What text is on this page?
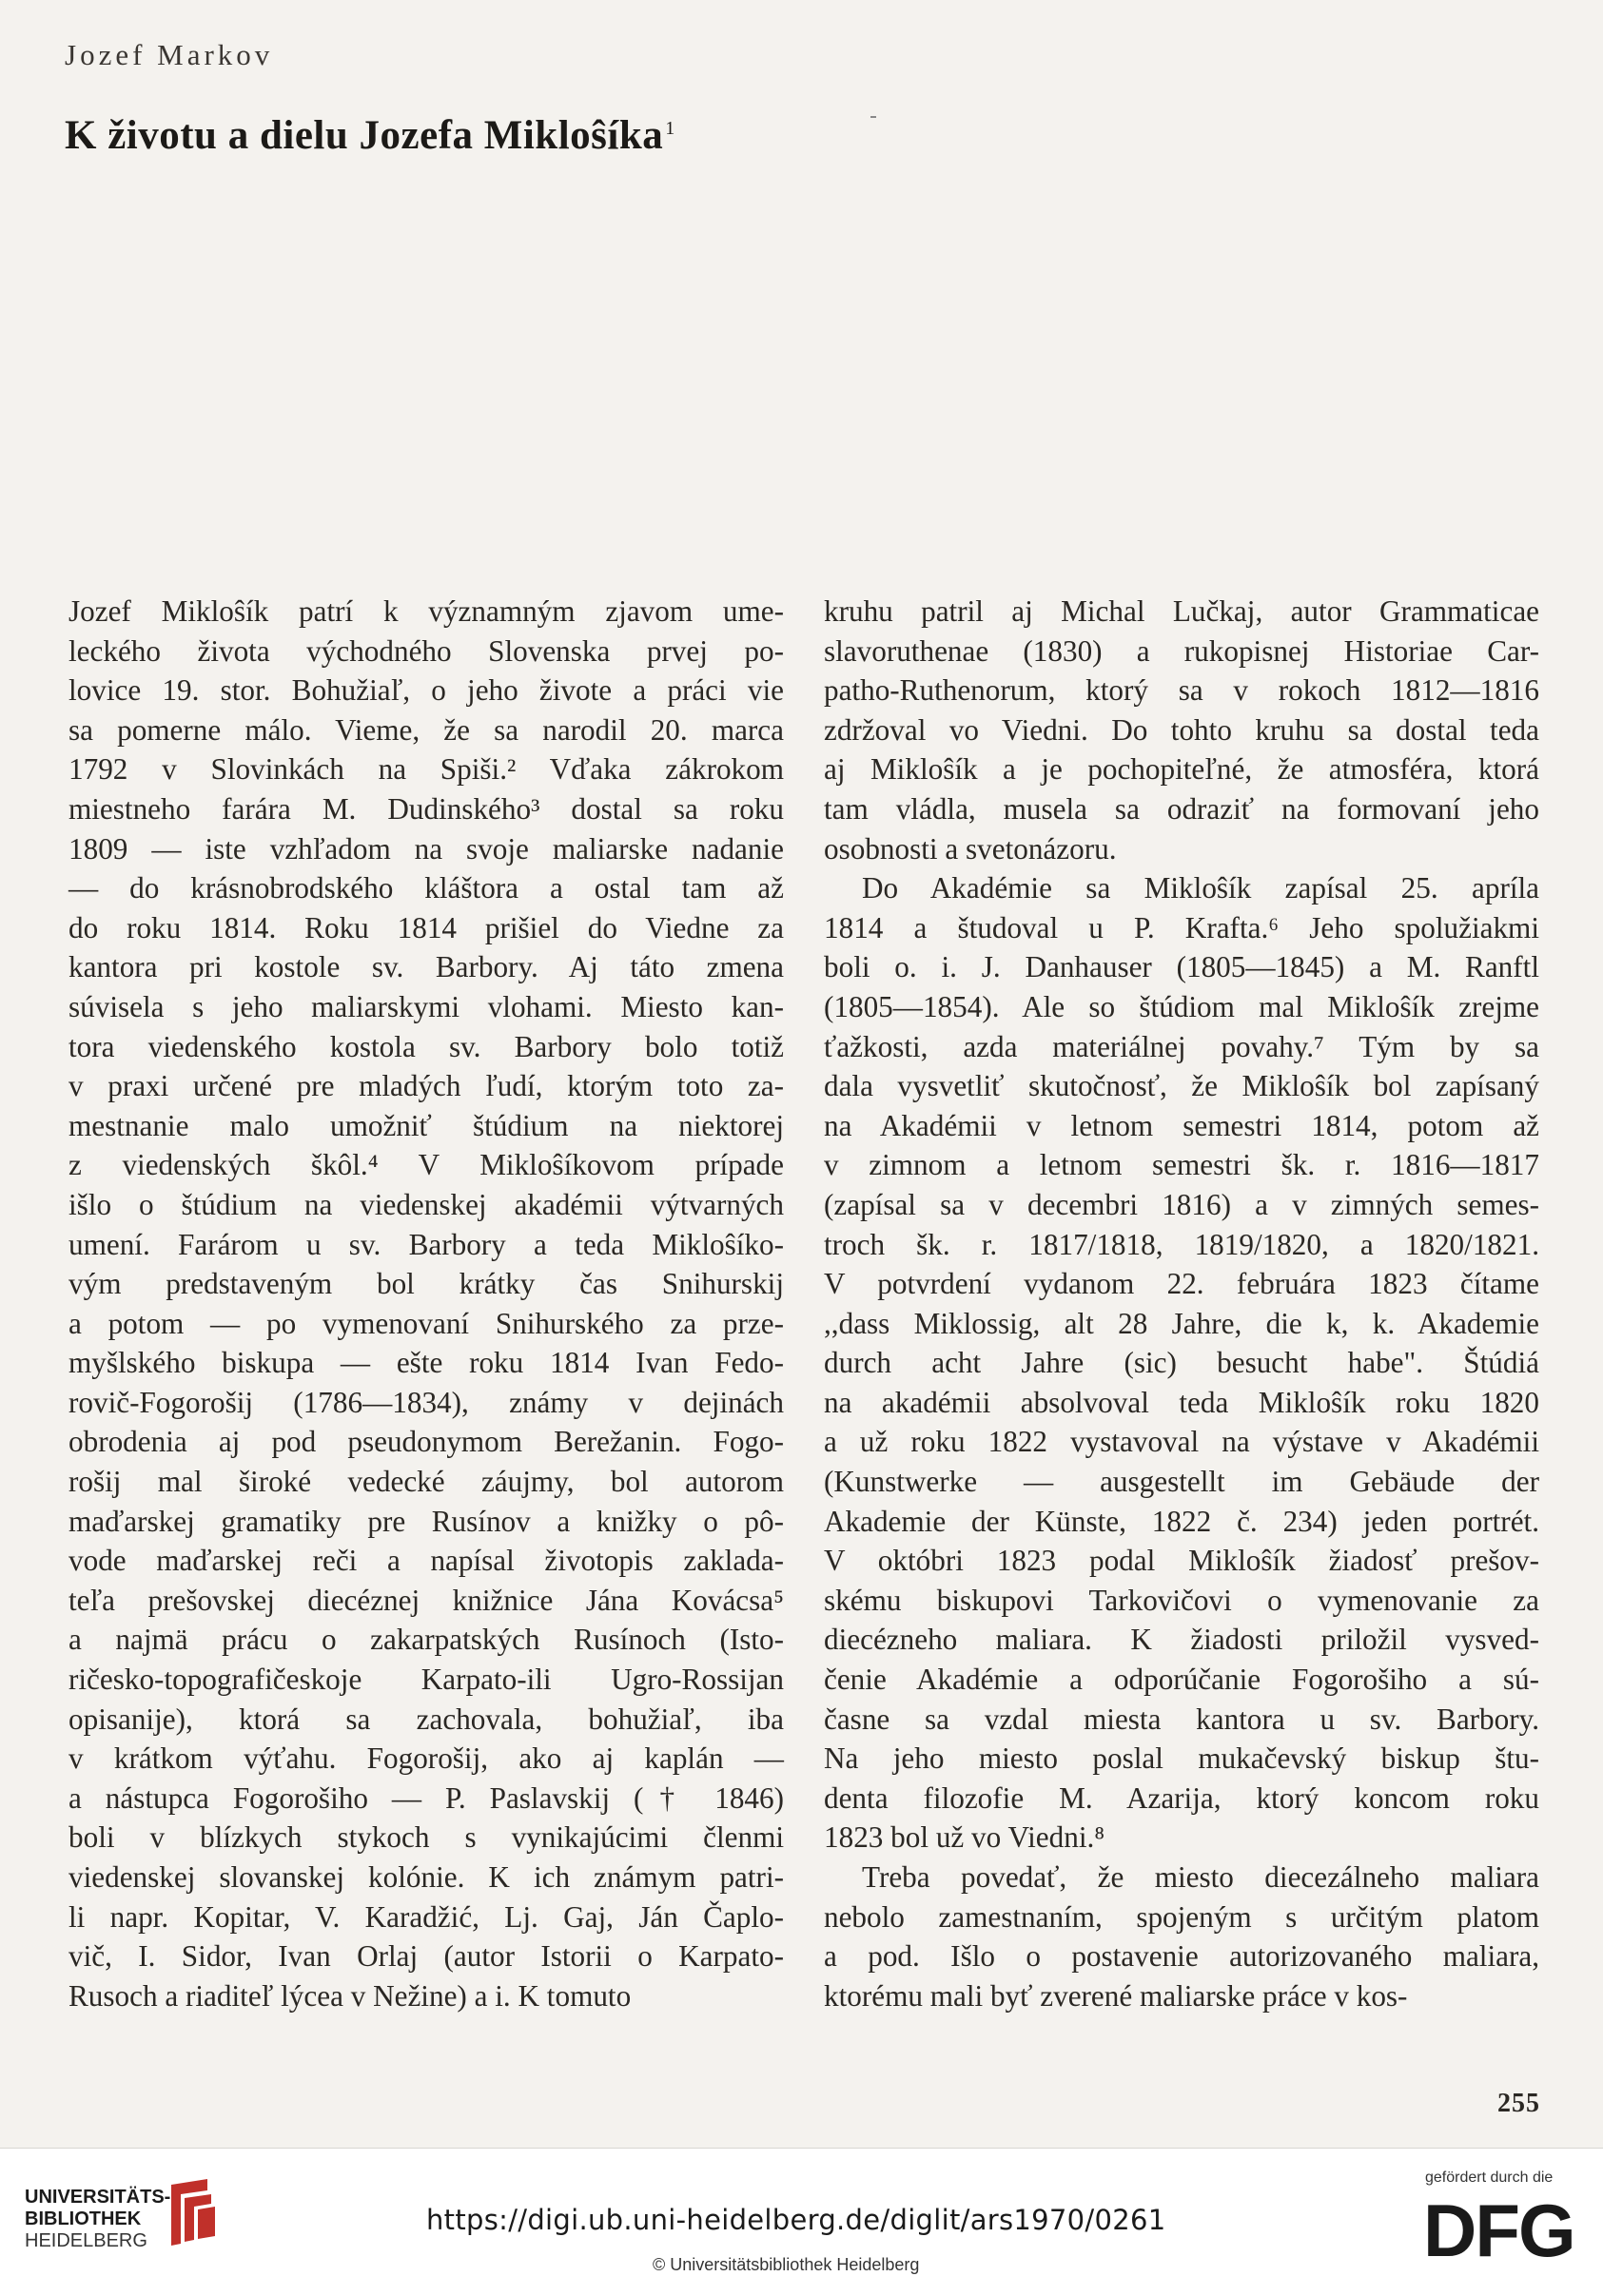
Jozef Markov
K životu a dielu Jozefa Mikloŝíka $^1$
Jozef Mikloŝík patrí k významným zjavom ume-
leckého života východného Slovenska prvej po-
lovice 19. stor. Bohužiaľ, o jeho živote a práci vie
sa pomerne málo. Vieme, že sa narodil 20. marca
1792 v Slovinkách na Spiši.² Vďaka zákrokom
miestneho farára M. Dudinského³ dostal sa roku
1809 — iste vzhľadom na svoje maliarske nadanie
— do krásnobrodského kláštora a ostal tam až
do roku 1814. Roku 1814 prišiel do Viedne za
kantora pri kostole sv. Barbory. Aj táto zmena
súvisela s jeho maliarskymi vlohami. Miesto kan-
tora viedenského kostola sv. Barbory bolo totiž
v praxi určené pre mladých ľudí, ktorým toto za-
mestnanie malo umožniť štúdium na niektorej
z viedenských škôl.⁴ V Mikloŝíkovom prípade
išlo o štúdium na viedenskej akadémii výtvarných
umení. Farárom u sv. Barbory a teda Mikloŝíko-
vým predstaveným bol krátky čas Snihurskij
a potom — po vymenovaní Snihurského za prze-
myšlského biskupa — ešte roku 1814 Ivan Fedo-
rovič-Fogorošij (1786—1834), známy v dejinách
obrodenia aj pod pseudonymom Berežanin. Fogo-
rošij mal široké vedecké záujmy, bol autorom
maďarskej gramatiky pre Rusínov a knižky o pô-
vode maďarskej reči a napísal životopis zaklada-
teľa prešovskej diecéznej knižnice Jána Kovácsa⁵
a najmä prácu o zakarpatských Rusínoch (Isto-
ričesko-topografičeskoje Karpato-ili Ugro-Rossijan
opisanije), ktorá sa zachovala, bohužiaľ, iba
v krátkom výťahu. Fogorošij, ako aj kaplán —
a nástupca Fogorošiho — P. Paslavskij († 1846)
boli v blízkych stykoch s vynikajúcimi členmi
viedenskej slovanskej kolónie. K ich známym patri-
li napr. Kopitar, V. Karadžić, Lj. Gaj, Ján Čaplo-
vič, I. Sidor, Ivan Orlaj (autor Istorii o Karpato-
Rusoch a riaditeľ lýcea v Nežine) a i. K tomuto
kruhu patril aj Michal Lučkaj, autor Grammaticae
slavoruthenae (1830) a rukopisnej Historiae Car-
patho-Ruthenorum, ktorý sa v rokoch 1812—1816
zdržoval vo Viedni. Do tohto kruhu sa dostal teda
aj Mikloŝík a je pochopiteľné, že atmosféra, ktorá
tam vládla, musela sa odraziť na formovaní jeho
osobnosti a svetonázoru.
Do Akadémie sa Mikloŝík zapísal 25. apríla
1814 a študoval u P. Krafta.⁶ Jeho spolužiakmi
boli o. i. J. Danhauser (1805—1845) a M. Ranftl
(1805—1854). Ale so štúdiom mal Mikloŝík zrejme
ťažkosti, azda materiálnej povahy.⁷ Tým by sa
dala vysvetliť skutočnosť, že Mikloŝík bol zapísaný
na Akadémii v letnom semestri 1814, potom až
v zimnom a letnom semestri šk. r. 1816—1817
(zapísal sa v decembri 1816) a v zimných semes-
troch šk. r. 1817/1818, 1819/1820, a 1820/1821.
V potvrdení vydanom 22. februára 1823 čítame
,,dass Miklossig, alt 28 Jahre, die k, k. Akademie
durch acht Jahre (sic) besucht habe". Štúdiá
na akadémii absolvoval teda Mikloŝík roku 1820
a už roku 1822 vystavoval na výstave v Akadémii
(Kunstwerke — ausgestellt im Gebäude der
Akademie der Künste, 1822 č. 234) jeden portrét.
V októbri 1823 podal Mikloŝík žiadosť prešov-
skému biskupovi Tarkovičovi o vymenovanie za
diecézneho maliara. K žiadosti priložil vysved-
čenie Akadémie a odporúčanie Fogorošiho a sú-
časne sa vzdal miesta kantora u sv. Barbory.
Na jeho miesto poslal mukačevský biskup štu-
denta filozofie M. Azarija, ktorý koncom roku
1823 bol už vo Viedni.⁸
Treba povedať, že miesto diecezálneho maliara
nebolo zamestnaním, spojeným s určitým platom
a pod. Išlo o postavenie autorizovaného maliara,
ktorému mali byť zverené maliarske práce v kos-
255
UNIVERSITÄTS-
BIBLIOTHEK
HEIDELBERG
https://digi.ub.uni-heidelberg.de/diglit/ars1970/0261
© Universitätsbibliothek Heidelberg
gefördert durch die
DFG
